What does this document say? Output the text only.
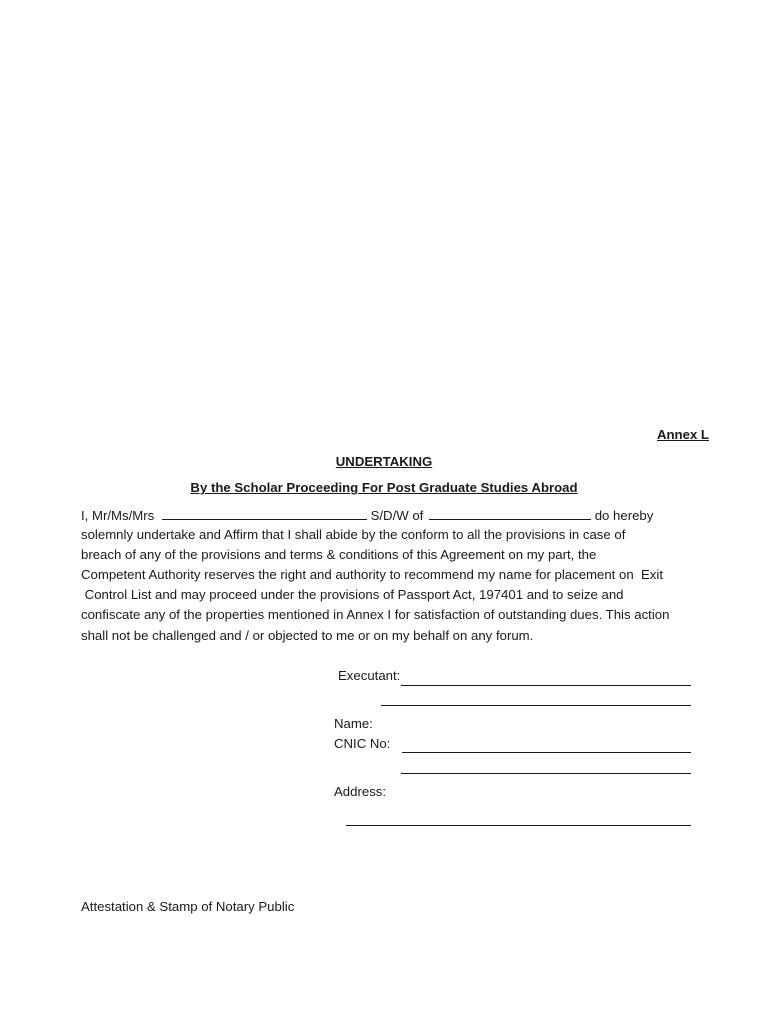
Annex L
UNDERTAKING
By the Scholar Proceeding For Post Graduate Studies Abroad
I, Mr/Ms/Mrs	S/D/W of	do hereby
solemnly undertake and Affirm that I shall abide by the conform to all the provisions in case of
breach of any of the provisions and terms & conditions of this Agreement on my part, the
Competent Authority reserves the right and authority to recommend my name for placement on  Exit
Control List and may proceed under the provisions of Passport Act, 197401 and to seize and
confiscate any of the properties mentioned in Annex I for satisfaction of outstanding dues. This action
shall not be challenged and / or objected to me or on my behalf on any forum.
Executant:
Name:
CNIC No:
Address:
Attestation & Stamp of Notary Public
